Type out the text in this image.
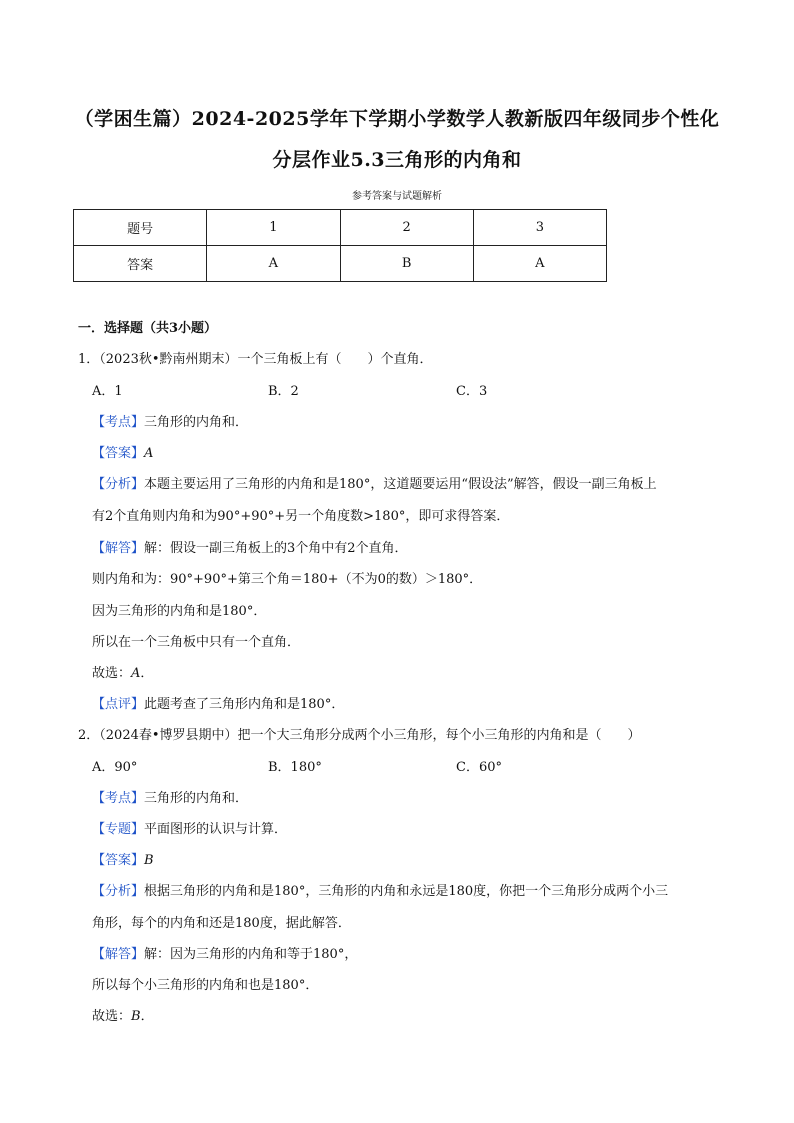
（学困生篇）2024-2025学年下学期小学数学人教新版四年级同步个性化
分层作业5.3三角形的内角和
参考答案与试题解析
题号	1	2	3
答案	A	B	A
一．选择题（共3小题）
1．（2023秋•黔南州期末）一个三角板上有（　　）个直角．
A．1	B．2	C．3
【考点】三角形的内角和．
【答案】A
【分析】本题主要运用了三角形的内角和是180°，这道题要运用“假设法”解答，假设一副三角板上
有2个直角则内角和为90°+90°+另一个角度数>180°，即可求得答案．
【解答】解：假设一副三角板上的3个角中有2个直角．
则内角和为：90°+90°+第三个角＝180+（不为0的数）＞180°．
因为三角形的内角和是180°．
所以在一个三角板中只有一个直角．
故选：A．
【点评】此题考查了三角形内角和是180°．
2．（2024春•博罗县期中）把一个大三角形分成两个小三角形，每个小三角形的内角和是（　　）
A．90°	B．180°	C．60°
【考点】三角形的内角和．
【专题】平面图形的认识与计算．
【答案】B
【分析】根据三角形的内角和是180°，三角形的内角和永远是180度，你把一个三角形分成两个小三
角形，每个的内角和还是180度，据此解答．
【解答】解：因为三角形的内角和等于180°，
所以每个小三角形的内角和也是180°．
故选：B．
